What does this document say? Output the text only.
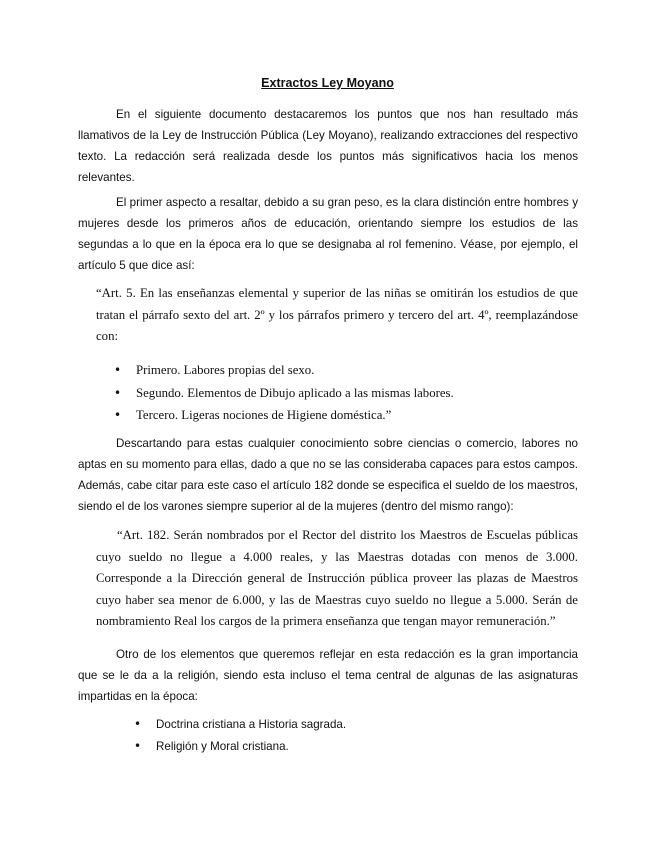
Extractos Ley Moyano

En el siguiente documento destacaremos los puntos que nos han resultado más llamativos de la Ley de Instrucción Pública (Ley Moyano), realizando extracciones del respectivo texto. La redacción será realizada desde los puntos más significativos hacia los menos relevantes.

El primer aspecto a resaltar, debido a su gran peso, es la clara distinción entre hombres y mujeres desde los primeros años de educación, orientando siempre los estudios de las segundas a lo que en la época era lo que se designaba al rol femenino. Véase, por ejemplo, el artículo 5 que dice así:

“Art. 5. En las enseñanzas elemental y superior de las niñas se omitirán los estudios de que tratan el párrafo sexto del art. 2º y los párrafos primero y tercero del art. 4º, reemplazándose con:

• Primero. Labores propias del sexo.
• Segundo. Elementos de Dibujo aplicado a las mismas labores.
• Tercero. Ligeras nociones de Higiene doméstica.”

Descartando para estas cualquier conocimiento sobre ciencias o comercio, labores no aptas en su momento para ellas, dado a que no se las consideraba capaces para estos campos. Además, cabe citar para este caso el artículo 182 donde se especifica el sueldo de los maestros, siendo el de los varones siempre superior al de la mujeres (dentro del mismo rango):

“Art. 182. Serán nombrados por el Rector del distrito los Maestros de Escuelas públicas cuyo sueldo no llegue a 4.000 reales, y las Maestras dotadas con menos de 3.000. Corresponde a la Dirección general de Instrucción pública proveer las plazas de Maestros cuyo haber sea menor de 6.000, y las de Maestras cuyo sueldo no llegue a 5.000. Serán de nombramiento Real los cargos de la primera enseñanza que tengan mayor remuneración.”

Otro de los elementos que queremos reflejar en esta redacción es la gran importancia que se le da a la religión, siendo esta incluso el tema central de algunas de las asignaturas impartidas en la época:

• Doctrina cristiana a Historia sagrada.
• Religión y Moral cristiana.
